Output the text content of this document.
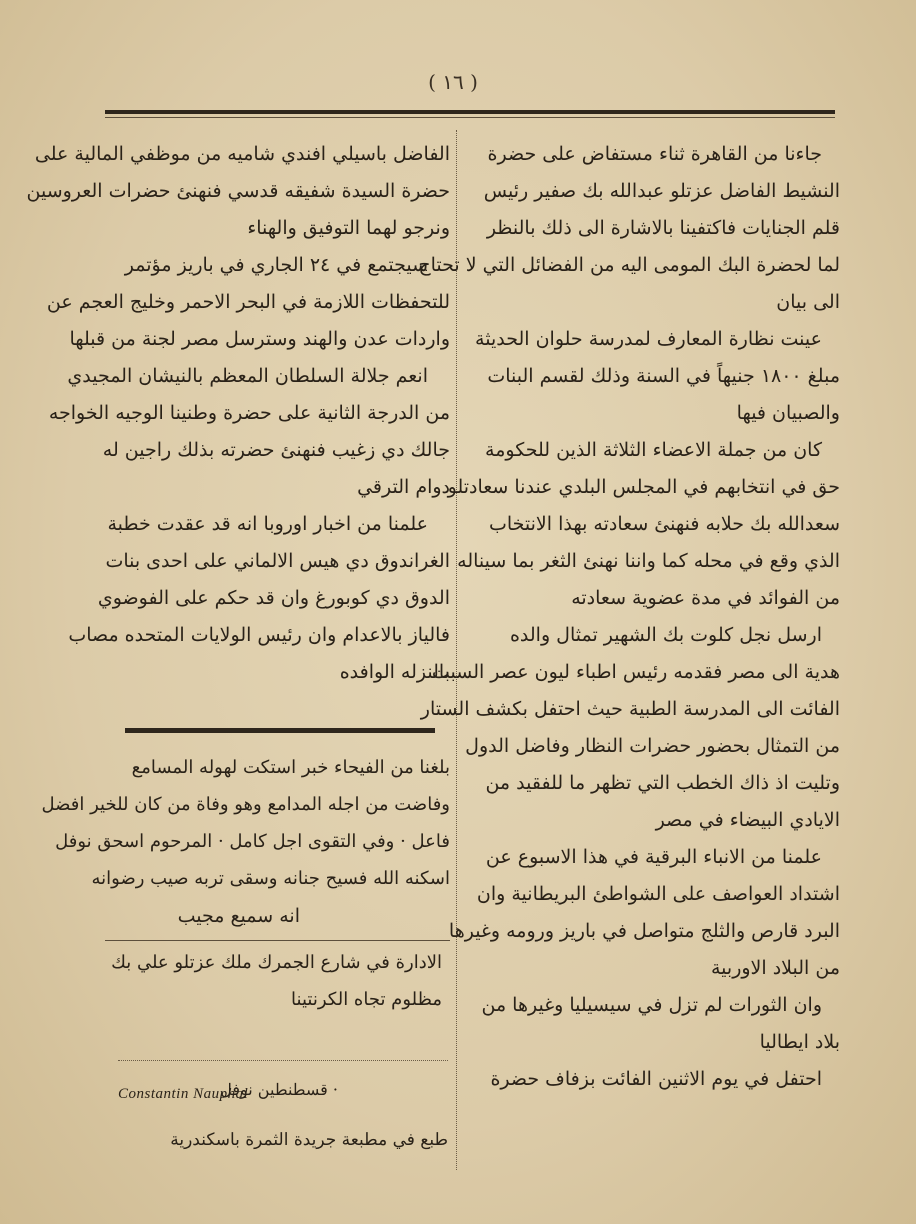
( ١٦ )
جاءنا من القاهرة ثناء مستفاض على حضرة
النشيط الفاضل عزتلو عبدالله بك صفير رئيس
قلم الجنايات فاكتفينا بالاشارة الى ذلك بالنظر
لما لحضرة البك المومى اليه من الفضائل التي لا تحتاج
الى بيان
عينت نظارة المعارف لمدرسة حلوان الحديثة
مبلغ ١٨٠٠ جنيهاً في السنة وذلك لقسم البنات
والصبيان فيها
كان من جملة الاعضاء الثلاثة الذين للحكومة
حق في انتخابهم في المجلس البلدي عندنا سعادتلو
سعدالله بك حلابه فنهنئ سعادته بهذا الانتخاب
الذي وقع في محله كما واننا نهنئ الثغر بما سيناله
من الفوائد في مدة عضوية سعادته
ارسل نجل كلوت بك الشهير تمثال والده
هدية الى مصر فقدمه رئيس اطباء ليون عصر السبت
الفائت الى المدرسة الطبية حيث احتفل بكشف الستار
من التمثال بحضور حضرات النظار وفاضل الدول
وتليت اذ ذاك الخطب التي تظهر ما للفقيد من
الايادي البيضاء في مصر
علمنا من الانباء البرقية في هذا الاسبوع عن
اشتداد العواصف على الشواطئ البريطانية وان
البرد قارص والثلج متواصل في باريز ورومه وغيرها
من البلاد الاوربية
وان الثورات لم تزل في سيسيليا وغيرها من
بلاد ايطاليا
احتفل في يوم الاثنين الفائت بزفاف حضرة
الفاضل باسيلي افندي شاميه من موظفي المالية على
حضرة السيدة شفيقه قدسي فنهنئ حضرات العروسين
ونرجو لهما التوفيق والهناء
سيجتمع في ٢٤ الجاري في باريز مؤتمر
للتحفظات اللازمة في البحر الاحمر وخليج العجم عن
واردات عدن والهند وسترسل مصر لجنة من قبلها
انعم جلالة السلطان المعظم بالنيشان المجيدي
من الدرجة الثانية على حضرة وطنينا الوجيه الخواجه
جالك دي زغيب فنهنئ حضرته بذلك راجين له
دوام الترقي
علمنا من اخبار اوروبا انه قد عقدت خطبة
الغراندوق دي هيس الالماني على احدى بنات
الدوق دي كوبورغ وان قد حكم على الفوضوي
فالياز بالاعدام وان رئيس الولايات المتحده مصاب
بالنزله الوافده
بلغنا من الفيحاء خبر استكت لهوله المسامع
وفاضت من اجله المدامع وهو وفاة من كان للخير افضل
فاعل · وفي التقوى اجل كامل · المرحوم اسحق نوفل
اسكنه الله فسيح جنانه وسقى تربه صيب رضوانه
انه سميع مجيب
الادارة في شارع الجمرك ملك عزتلو علي بك
مظلوم تجاه الكرنتينا
Constantin Nauphal	· قسطنطين نوفل
طبع في مطبعة جريدة الثمرة باسكندرية
